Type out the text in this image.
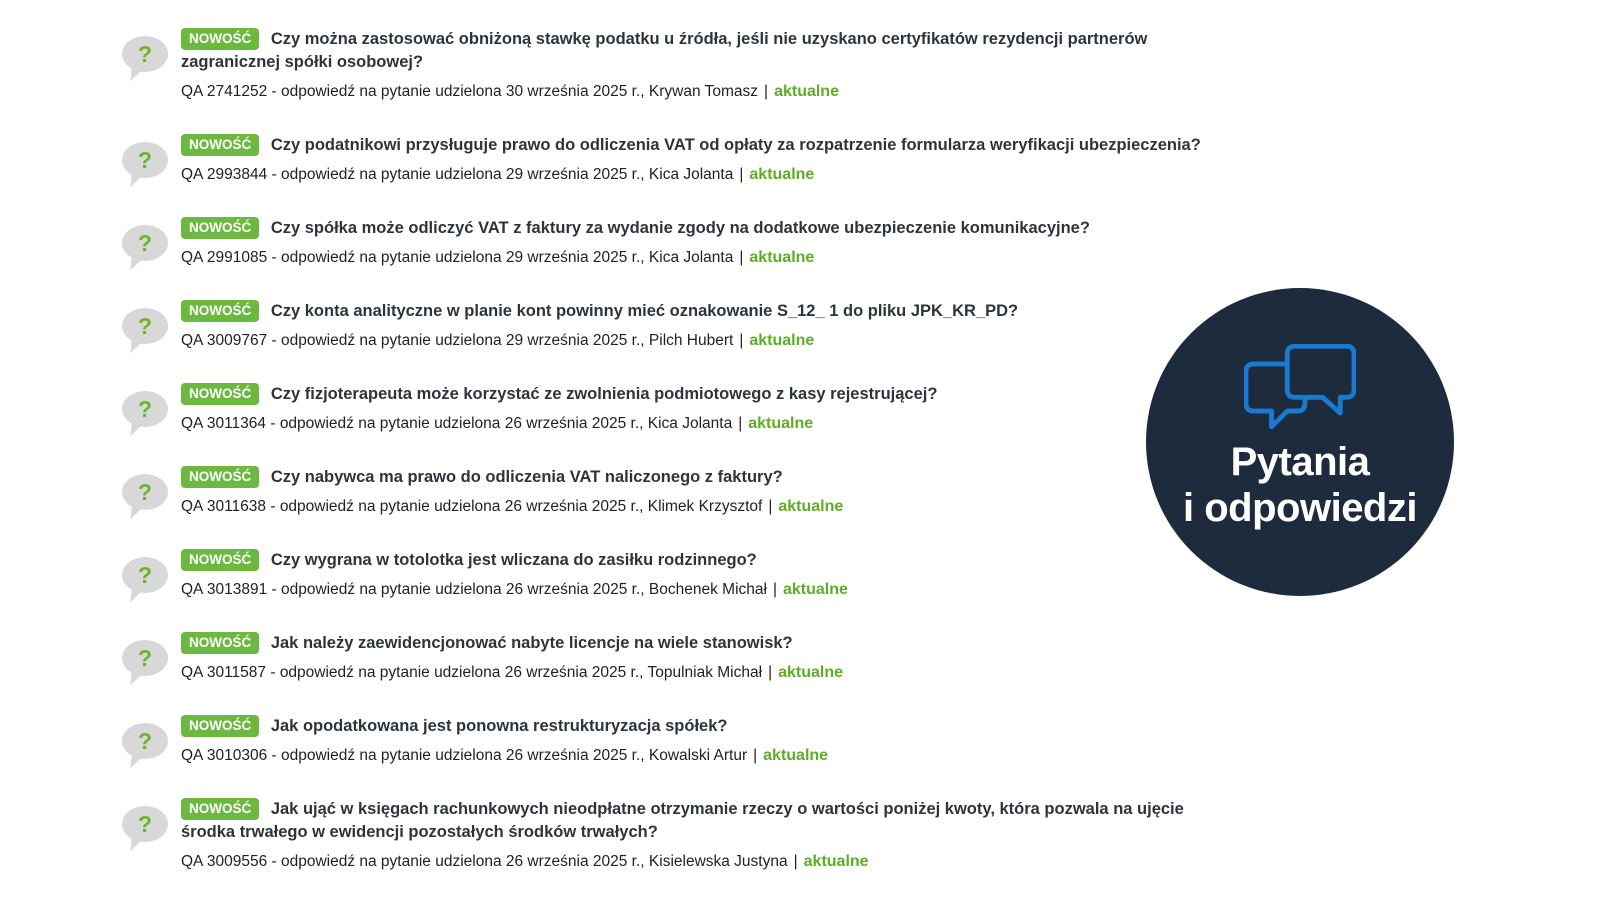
?
NOWOŚĆ Czy można zastosować obniżoną stawkę podatku u źródła, jeśli nie uzyskano certyfikatów rezydencji partnerów zagranicznej spółki osobowej?
QA 2741252 - odpowiedź na pytanie udzielona 30 września 2025 r., Krywan Tomasz | aktualne
?
NOWOŚĆ Czy podatnikowi przysługuje prawo do odliczenia VAT od opłaty za rozpatrzenie formularza weryfikacji ubezpieczenia?
QA 2993844 - odpowiedź na pytanie udzielona 29 września 2025 r., Kica Jolanta | aktualne
?
NOWOŚĆ Czy spółka może odliczyć VAT z faktury za wydanie zgody na dodatkowe ubezpieczenie komunikacyjne?
QA 2991085 - odpowiedź na pytanie udzielona 29 września 2025 r., Kica Jolanta | aktualne
?
NOWOŚĆ Czy konta analityczne w planie kont powinny mieć oznakowanie S_12_ 1 do pliku JPK_KR_PD?
QA 3009767 - odpowiedź na pytanie udzielona 29 września 2025 r., Pilch Hubert | aktualne
?
NOWOŚĆ Czy fizjoterapeuta może korzystać ze zwolnienia podmiotowego z kasy rejestrującej?
QA 3011364 - odpowiedź na pytanie udzielona 26 września 2025 r., Kica Jolanta | aktualne
?
NOWOŚĆ Czy nabywca ma prawo do odliczenia VAT naliczonego z faktury?
QA 3011638 - odpowiedź na pytanie udzielona 26 września 2025 r., Klimek Krzysztof | aktualne
?
NOWOŚĆ Czy wygrana w totolotka jest wliczana do zasiłku rodzinnego?
QA 3013891 - odpowiedź na pytanie udzielona 26 września 2025 r., Bochenek Michał | aktualne
?
NOWOŚĆ Jak należy zaewidencjonować nabyte licencje na wiele stanowisk?
QA 3011587 - odpowiedź na pytanie udzielona 26 września 2025 r., Topulniak Michał | aktualne
?
NOWOŚĆ Jak opodatkowana jest ponowna restrukturyzacja spółek?
QA 3010306 - odpowiedź na pytanie udzielona 26 września 2025 r., Kowalski Artur | aktualne
?
NOWOŚĆ Jak ująć w księgach rachunkowych nieodpłatne otrzymanie rzeczy o wartości poniżej kwoty, która pozwala na ujęcie środka trwałego w ewidencji pozostałych środków trwałych?
QA 3009556 - odpowiedź na pytanie udzielona 26 września 2025 r., Kisielewska Justyna | aktualne
Pytania
i odpowiedzi
